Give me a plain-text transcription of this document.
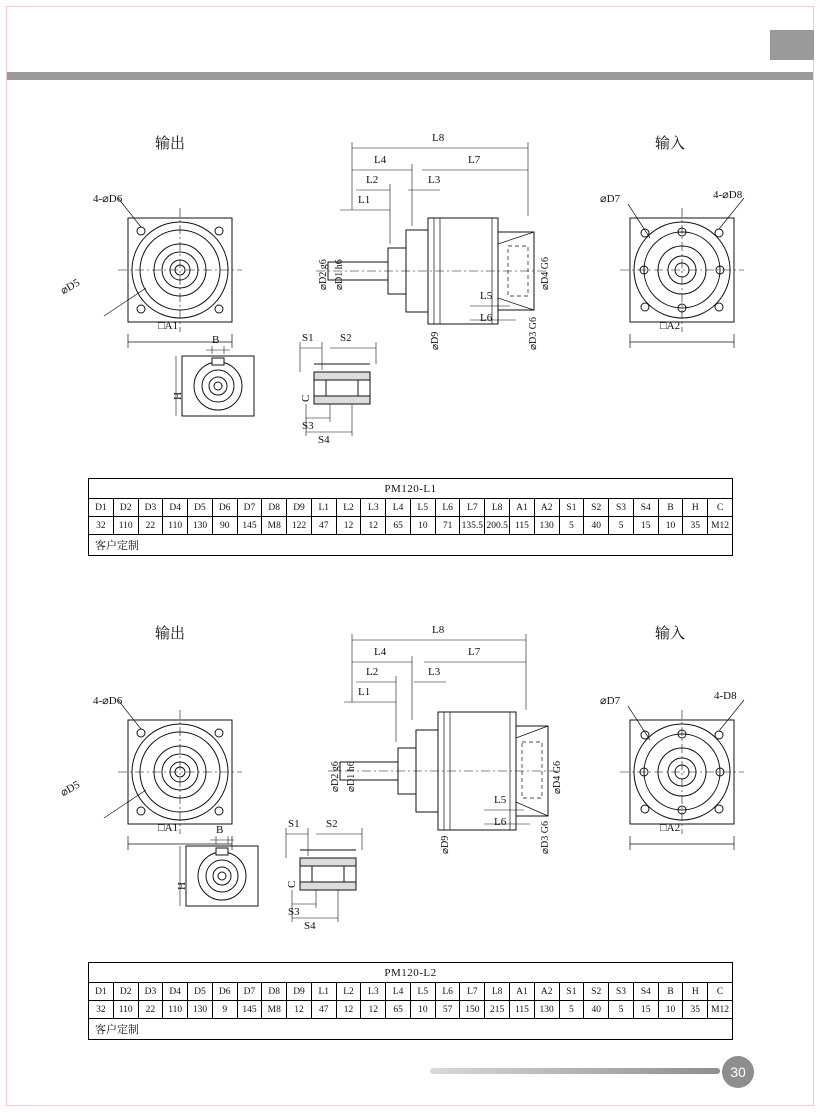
输出	输入
4-⌀D6
⌀D5
□A1
L8
L7
L4
L3
L2
L1
L5
L6
⌀D2 g6 ⌀D1 h6
⌀D9
⌀D4 G6
⌀D3 G6
4-⌀D8
⌀D7
□A2
B
H
S1 S2
S3
S4
C
PM120-L1																									
D1	D2	D3	D4	D5	D6	D7	D8	D9	L1	L2	L3	L4	L5	L6	L7	L8	A1	A2	S1	S2	S3	S4	B	H	C
32	110	22	110	130	90	145	M8	122	47	12	12	65	10	71	135.5	200.5	115	130	5	40	5	15	10	35	M12
客户定制																									
输出	输入
4-⌀D6
⌀D5
□A1
L8
L7
L4
L3
L2
L1
L5
L6
⌀D2 g6 ⌀D1 h6
⌀D9
⌀D4 G6
⌀D3 G6
4-D8
⌀D7
□A2
B
H
S1 S2
S3
S4
C
PM120-L2																									
D1	D2	D3	D4	D5	D6	D7	D8	D9	L1	L2	L3	L4	L5	L6	L7	L8	A1	A2	S1	S2	S3	S4	B	H	C
32	110	22	110	130	9	145	M8	12	47	12	12	65	10	57	150	215	115	130	5	40	5	15	10	35	M12
客户定制																									
30
